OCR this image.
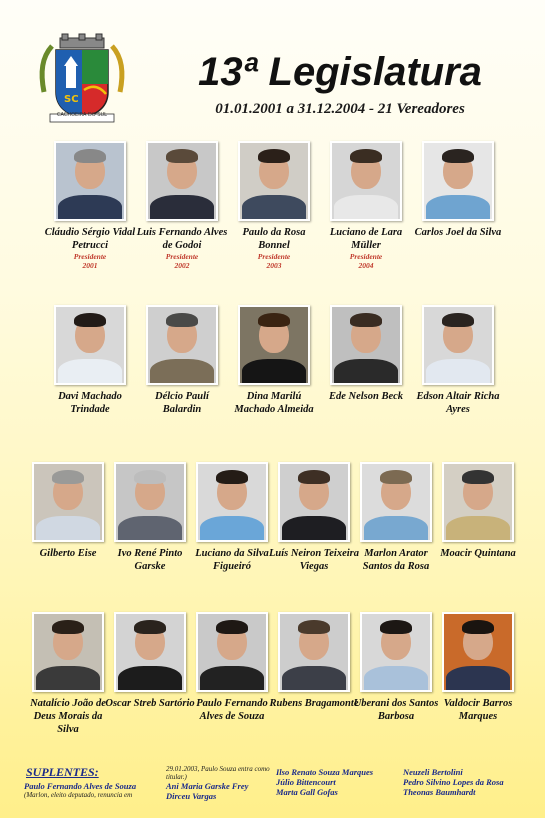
SC
CACHOEIRA DO SUL
13ª Legislatura
01.01.2001 a 31.12.2004 - 21 Vereadores
Cláudio Sérgio Vidal Petrucci
Presidente
2001
Luis Fernando Alves de Godoi
Presidente
2002
Paulo da Rosa Bonnel
Presidente
2003
Luciano de Lara Müller
Presidente
2004
Carlos Joel da Silva
Davi Machado Trindade
Délcio Paulí Balardin
Dina Marilú Machado Almeida
Ede Nelson Beck	Edson Altair Richa Ayres
Gilberto Eise	Ivo René Pinto Garske
Luciano da Silva Figueiró
Luís Neiron Teixeira Viegas
Marlon Arator Santos da Rosa
Moacir Quintana
Natalício João de Deus Morais da Silva
Oscar Streb Sartório Paulo Fernando Alves de Souza
Rubens Bragamonte
Uberani dos Santos Barbosa
Valdocir Barros Marques
SUPLENTES:
Paulo Fernando Alves de Souza
(Marlon, eleito deputado, renuncia em
29.01.2003, Paulo Souza entra como titular.)
Ani Maria Garske Frey
Dirceu Vargas
Ilso Renato Souza Marques
Júlio Bittencourt
Marta Gall Gofas
Neuzeli Bertolini
Pedro Silvino Lopes da Rosa
Theonas Baumhardt
